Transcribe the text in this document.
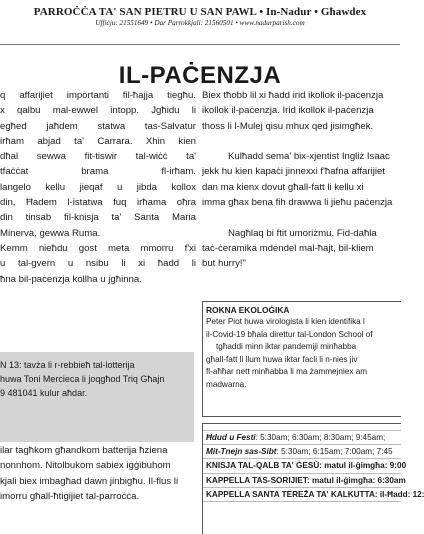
PARROĊĊA TA' SAN PIETRU U SAN PAWL • In-Nadur • Għawdex
Uffiċju: 21551649 • Dar Parrokkjali: 21560501 • www.nadurparish.com
IL-PAĊENZJA

q affarijiet importanti fil-ħajja tiegħu.
x qalbu mal-ewwel intopp. Jgħidu li
egħed jaħdem statwa tas-Salvatur
irħam abjad ta' Carrara. Xhin kien
dħal sewwa fit-tiswir tal-wiċċ ta'
tfaċċat brama fl-irħam.
langelo kellu jieqaf u jibda kollox
din, Ħadem l-istatwa fuq irħama oħra
din tinsab fil-knisja ta' Santa Maria
Minerva, ġewwa Ruma.
Kemm nieħdu gost meta mmorru f'xi
u tal-gvern u nsibu li xi ħadd li
ħna bil-paċenzja kollha u jgħinna.

Biex tħobb lil xi ħadd irid ikollok il-paċenzja
ikollok il-paċenzja. Irid ikollok il-paċenzja
thoss li l-Mulej qisu mhux qed jisimgħek.

Kulħadd sema' bix-xjentist Ingliż Isaac
jekk hu kien kapaċi jinnexxi f'ħafna affarijiet
dan ma kienx dovut għall-fatt li kellu xi
imma għax bena fih drawwa li jieħu paċenzja

Nagħlaq bi ftit umoriżmu. Fid-daħla
taċ-ċeramika mdendel mal-ħajt, bil-kliem
but hurry!"

N 13: tavża li r-rebbieħ tal-lotterija
huwa Toni Mercieca li joqgħod Triq Għajn
9 481041 kulur aħdar.
ilar tagħkom għandkom batterija ħziena
nonnhom. Nitolbukom sabiex iġġibuhom
kjali biex imbagħad dawn jinbigħu. Il-flus li
imorru għall-ħtiġijiet tal-parroċċa.
ROKNA EKOLOĠIKA
Peter Piot huwa virologista li kien identifika l
il-Covid-19 bħala direttur tal-London School of
tgħaddi minn iktar pandemiji minħabba
għall-fatt li llum huwa iktar facli li n-nies jiv
fl-aħħar nett minħabba li ma żammejniex am
madwarna.
Ħdud u Festi: 5:30am; 6:30am; 8:30am; 9:45am;
Mit-Tnejn sas-Sibt: 5:30am; 6:15am; 7:00am; 7:45
KNISJA TAL-QALB TA' ĠESÙ: matul il-ġimgħa: 9:00
KAPPELLA TAS-SORIJIET: matul il-ġimgħa: 6:30am
KAPPELLA SANTA TEREŻA TA' KALKUTTA: il-Ħadd: 12:
